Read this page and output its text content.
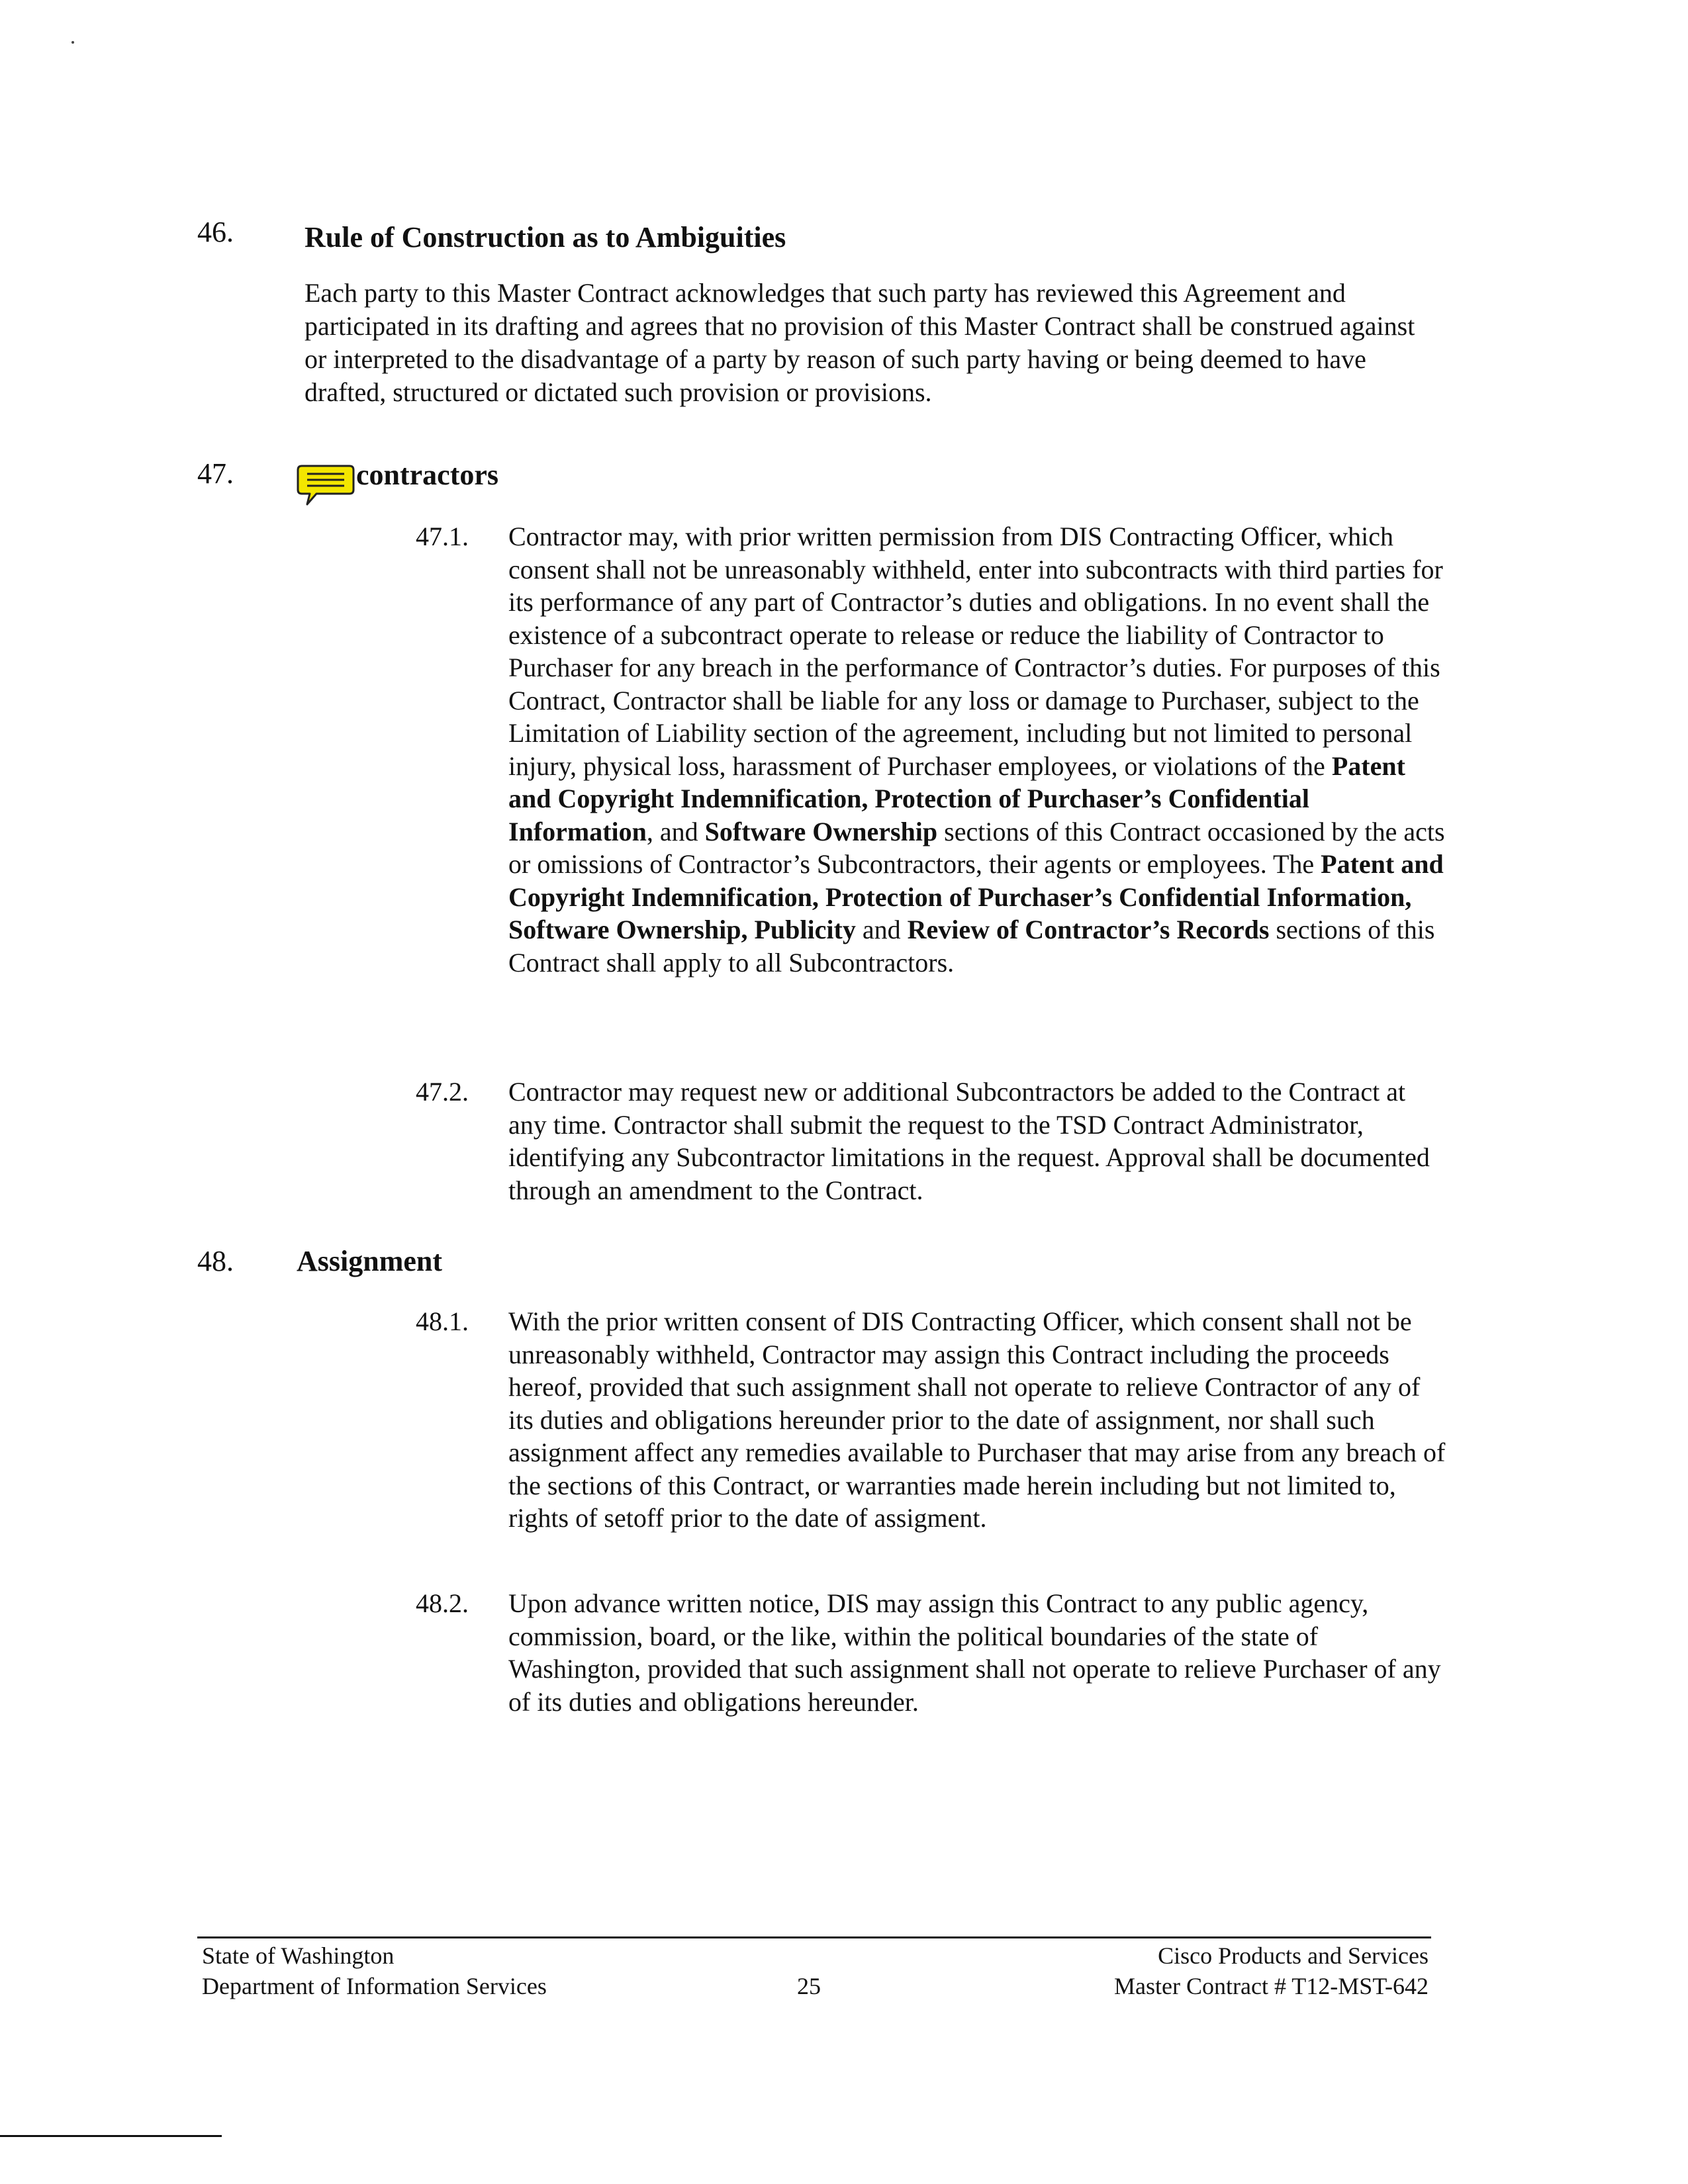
46. Rule of Construction as to Ambiguities

Each party to this Master Contract acknowledges that such party has reviewed this Agreement and participated in its drafting and agrees that no provision of this Master Contract shall be construed against or interpreted to the disadvantage of a party by reason of such party having or being deemed to have drafted, structured or dictated such provision or provisions.

47.	contractors
47.1. Contractor may, with prior written permission from DIS Contracting Officer, which consent shall not be unreasonably withheld, enter into subcontracts with third parties for its performance of any part of Contractor’s duties and obligations. In no event shall the existence of a subcontract operate to release or reduce the liability of Contractor to Purchaser for any breach in the performance of Contractor’s duties. For purposes of this Contract, Contractor shall be liable for any loss or damage to Purchaser, subject to the Limitation of Liability section of the agreement, including but not limited to personal injury, physical loss, harassment of Purchaser employees, or violations of the Patent and Copyright Indemnification, Protection of Purchaser’s Confidential Information, and Software Ownership sections of this Contract occasioned by the acts or omissions of Contractor’s Subcontractors, their agents or employees. The Patent and Copyright Indemnification, Protection of Purchaser’s Confidential Information, Software Ownership, Publicity and Review of Contractor’s Records sections of this Contract shall apply to all Subcontractors.

47.2. Contractor may request new or additional Subcontractors be added to the Contract at any time. Contractor shall submit the request to the TSD Contract Administrator, identifying any Subcontractor limitations in the request. Approval shall be documented through an amendment to the Contract.

48. Assignment
48.1. With the prior written consent of DIS Contracting Officer, which consent shall not be unreasonably withheld, Contractor may assign this Contract including the proceeds hereof, provided that such assignment shall not operate to relieve Contractor of any of its duties and obligations hereunder prior to the date of assignment, nor shall such assignment affect any remedies available to Purchaser that may arise from any breach of the sections of this Contract, or warranties made herein including but not limited to, rights of setoff prior to the date of assigment.

48.2. Upon advance written notice, DIS may assign this Contract to any public agency, commission, board, or the like, within the political boundaries of the state of Washington, provided that such assignment shall not operate to relieve Purchaser of any of its duties and obligations hereunder.

State of Washington
Department of Information Services	25
Cisco Products and Services
Master Contract # T12-MST-642
